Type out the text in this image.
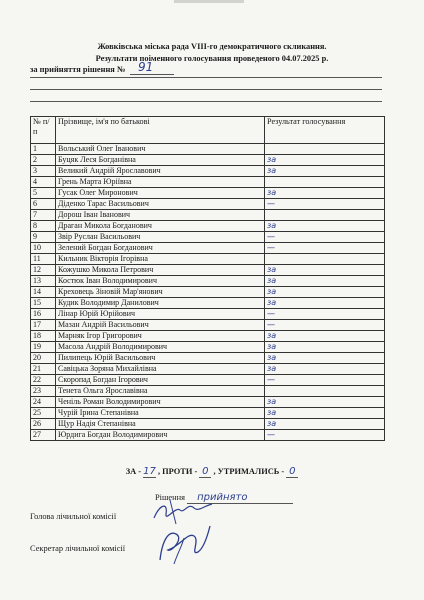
Жовківська міська рада VIII-го демократичного скликання.
Результати поіменного голосування проведеного 04.07.2025 р.
за прийняття рішення № 91
№ п/п	Прізвище, ім'я по батькові	Результат голосування
1	Вольський Олег Іванович	
2	Буцяк Леся Богданівна	за
3	Великий Андрій Ярославович	за
4	Грень Марта Юріївна	
5	Гусак Олег Миронович	за
6	Діденко Тарас Васильович	—
7	Дорош Іван Іванович	
8	Драган Микола Богданович	за
9	Звір Руслан Васильович	—
10	Зелений Богдан Богданович	—
11	Кильник Вікторія Ігорівна	
12	Кожушко Микола Петрович	за
13	Костюк Іван Володимирович	за
14	Креховець Зіновій Мар'янович	за
15	Кудик Володимир Данилович	за
16	Лінар Юрій Юрійович	—
17	Мазан Андрій Васильович	—
18	Марняк Ігор Григорович	за
19	Масола Андрій Володимирович	за
20	Пилипець Юрій Васильович	за
21	Савіцька Зоряна Михайлівна	за
22	Скоропад Богдан Ігорович	—
23	Тенета Ольга Ярославівна	
24	Ченіль Роман Володимирович	за
25	Чурій Ірина Степанівна	за
26	Щур Надія Степанівна	за
27	Юрдига Богдан Володимирович	—
ЗА - 17 , ПРОТИ - 0 , УТРИМАЛИСЬ - 0
Рішення прийнято
Голова лічильної комісії
Секретар лічильної комісії
